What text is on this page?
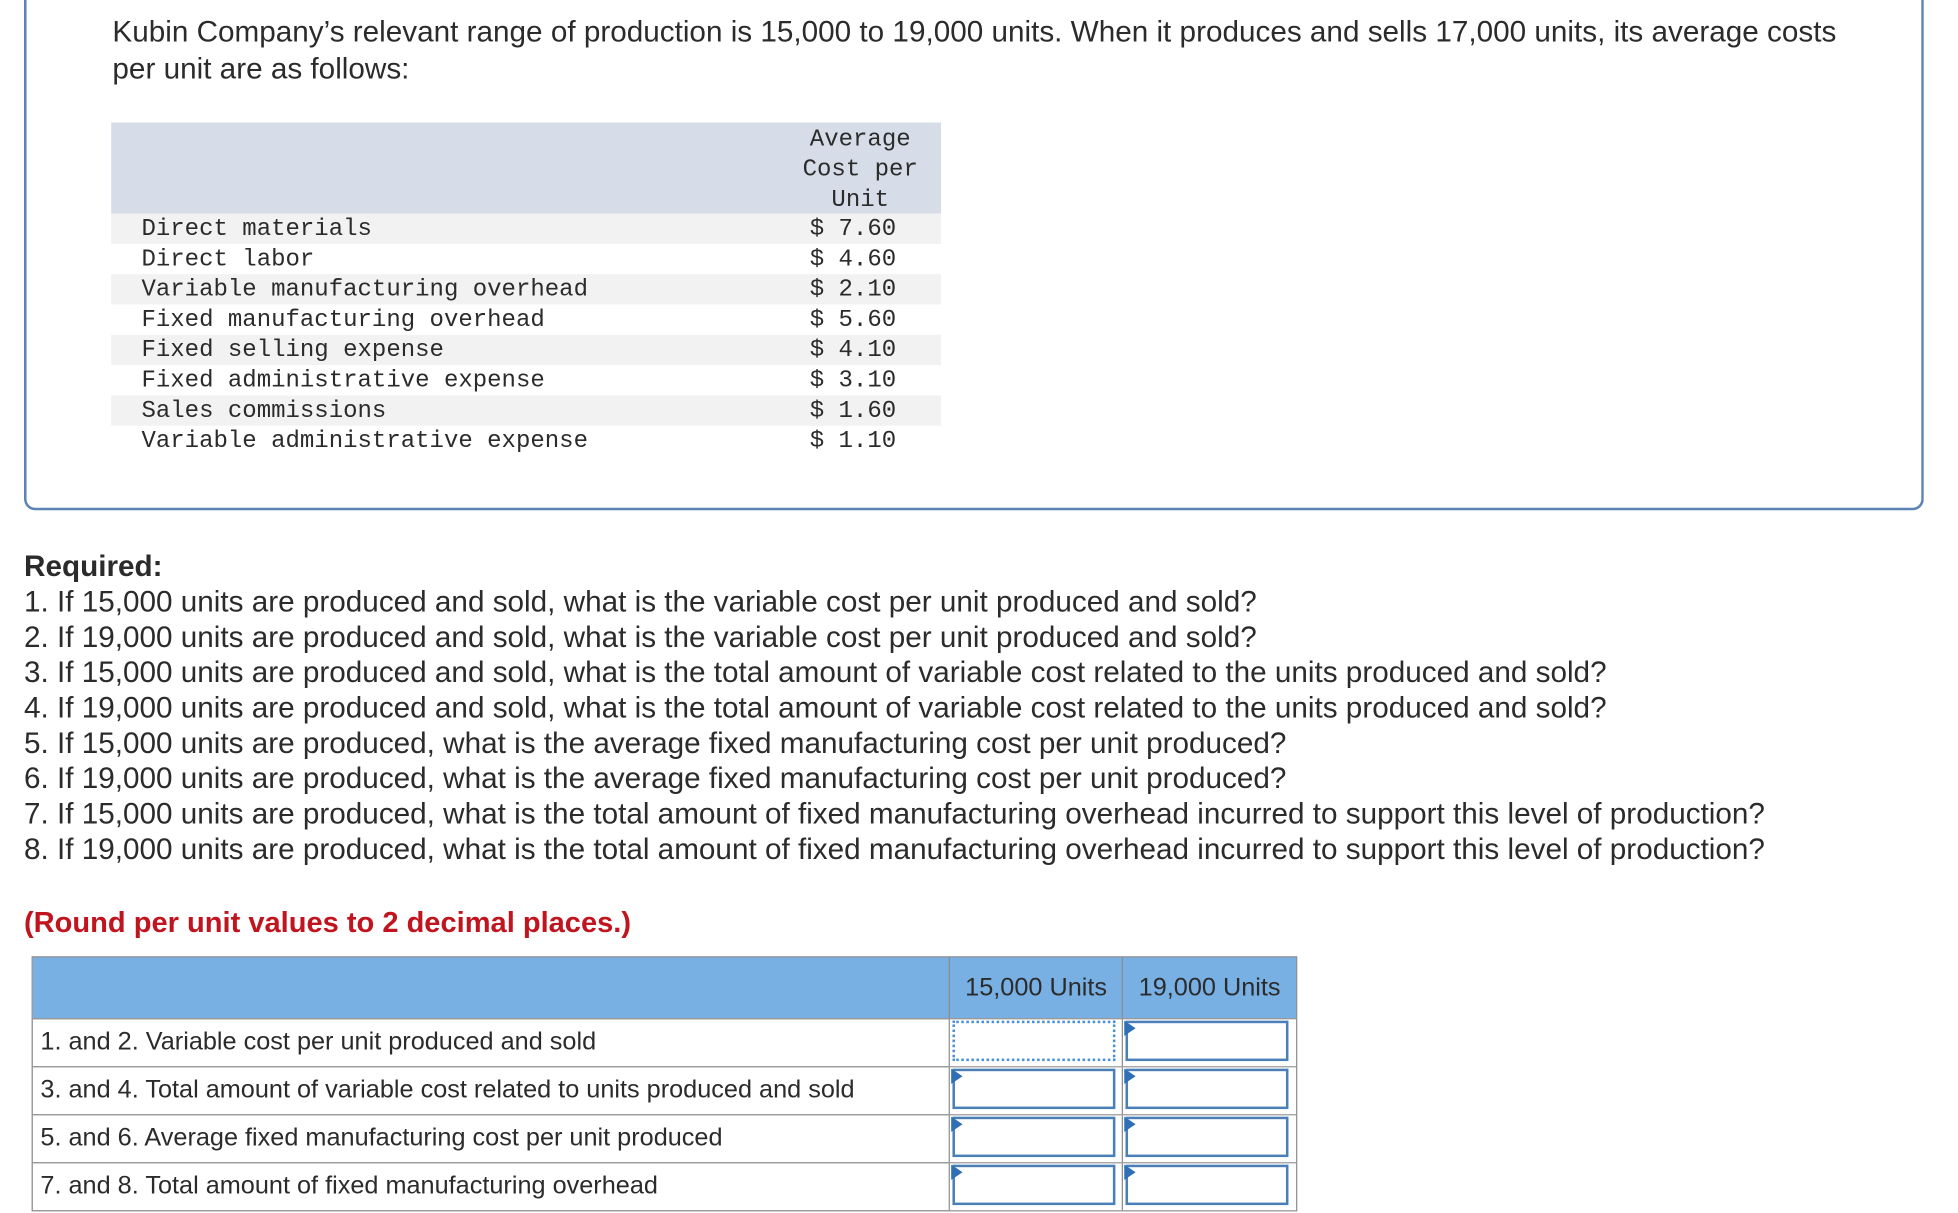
Kubin Company’s relevant range of production is 15,000 to 19,000 units. When it produces and sells 17,000 units, its average costs per unit are as follows:
Average
Cost per
Unit
Direct materials	$ 7.60
Direct labor	$ 4.60
Variable manufacturing overhead	$ 2.10
Fixed manufacturing overhead	$ 5.60
Fixed selling expense	$ 4.10
Fixed administrative expense	$ 3.10
Sales commissions	$ 1.60
Variable administrative expense	$ 1.10
Required:
1. If 15,000 units are produced and sold, what is the variable cost per unit produced and sold?
2. If 19,000 units are produced and sold, what is the variable cost per unit produced and sold?
3. If 15,000 units are produced and sold, what is the total amount of variable cost related to the units produced and sold?
4. If 19,000 units are produced and sold, what is the total amount of variable cost related to the units produced and sold?
5. If 15,000 units are produced, what is the average fixed manufacturing cost per unit produced?
6. If 19,000 units are produced, what is the average fixed manufacturing cost per unit produced?
7. If 15,000 units are produced, what is the total amount of fixed manufacturing overhead incurred to support this level of production?
8. If 19,000 units are produced, what is the total amount of fixed manufacturing overhead incurred to support this level of production?
(Round per unit values to 2 decimal places.)
15,000 Units	19,000 Units
1. and 2. Variable cost per unit produced and sold
3. and 4. Total amount of variable cost related to units produced and sold
5. and 6. Average fixed manufacturing cost per unit produced
7. and 8. Total amount of fixed manufacturing overhead
